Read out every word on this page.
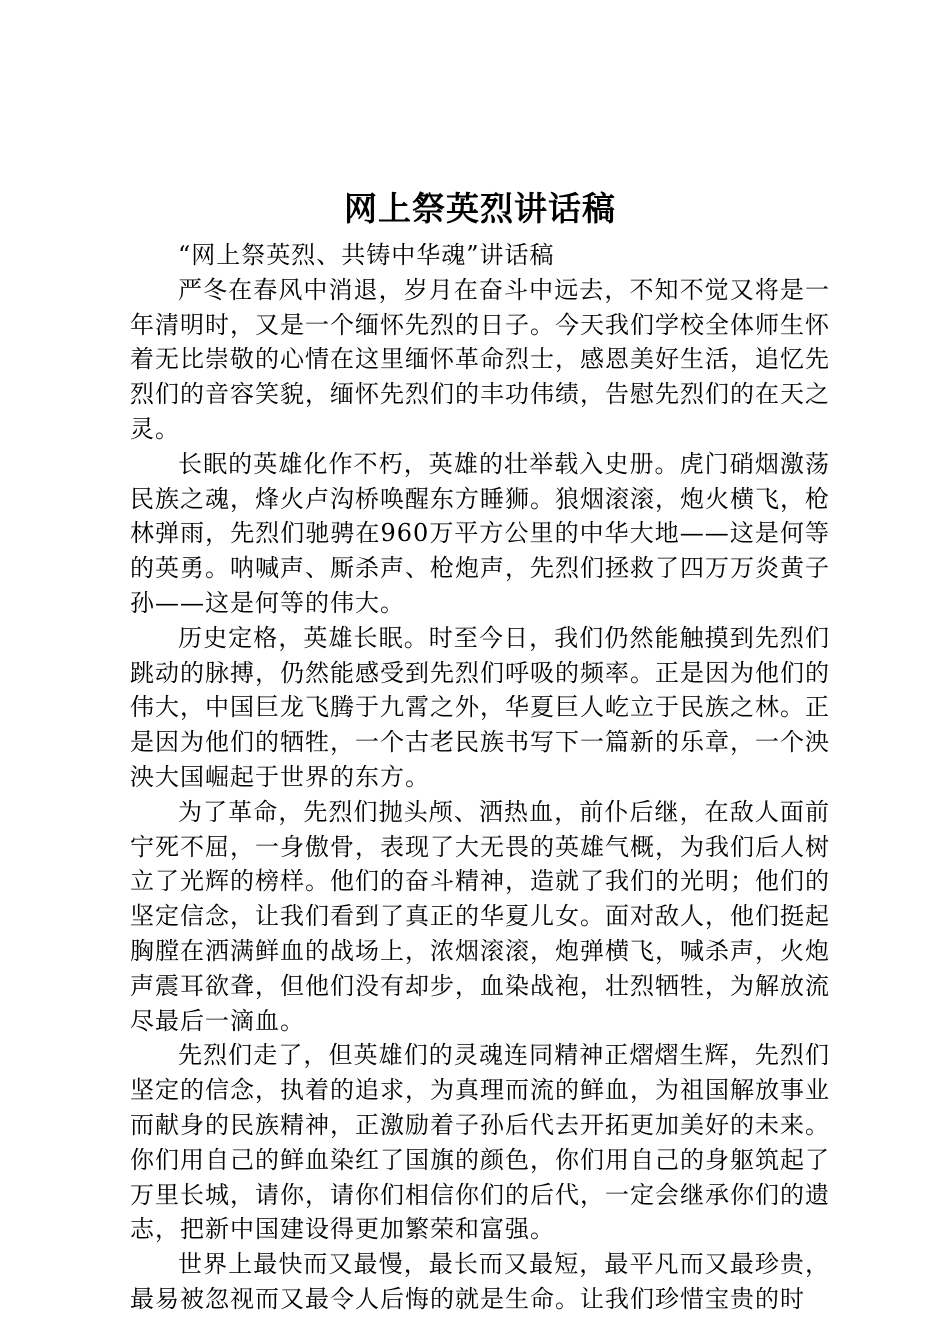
网上祭英烈讲话稿

“网上祭英烈、共铸中华魂”讲话稿

严冬在春风中消退，岁月在奋斗中远去，不知不觉又将是一年清明时，又是一个缅怀先烈的日子。今天我们学校全体师生怀着无比崇敬的心情在这里缅怀革命烈士，感恩美好生活，追忆先烈们的音容笑貌，缅怀先烈们的丰功伟绩，告慰先烈们的在天之灵。

长眠的英雄化作不朽，英雄的壮举载入史册。虎门硝烟激荡民族之魂，烽火卢沟桥唤醒东方睡狮。狼烟滚滚，炮火横飞，枪林弹雨，先烈们驰骋在960万平方公里的中华大地——这是何等的英勇。呐喊声、厮杀声、枪炮声，先烈们拯救了四万万炎黄子孙——这是何等的伟大。

历史定格，英雄长眠。时至今日，我们仍然能触摸到先烈们跳动的脉搏，仍然能感受到先烈们呼吸的频率。正是因为他们的伟大，中国巨龙飞腾于九霄之外，华夏巨人屹立于民族之林。正是因为他们的牺牲，一个古老民族书写下一篇新的乐章，一个泱泱大国崛起于世界的东方。

为了革命，先烈们抛头颅、洒热血，前仆后继，在敌人面前宁死不屈，一身傲骨，表现了大无畏的英雄气概，为我们后人树立了光辉的榜样。他们的奋斗精神，造就了我们的光明；他们的坚定信念，让我们看到了真正的华夏儿女。面对敌人，他们挺起胸膛在洒满鲜血的战场上，浓烟滚滚，炮弹横飞，喊杀声，火炮声震耳欲聋，但他们没有却步，血染战袍，壮烈牺牲，为解放流尽最后一滴血。

先烈们走了，但英雄们的灵魂连同精神正熠熠生辉，先烈们坚定的信念，执着的追求，为真理而流的鲜血，为祖国解放事业而献身的民族精神，正激励着子孙后代去开拓更加美好的未来。你们用自己的鲜血染红了国旗的颜色，你们用自己的身躯筑起了万里长城，请你，请你们相信你们的后代，一定会继承你们的遗志，把新中国建设得更加繁荣和富强。

世界上最快而又最慢，最长而又最短，最平凡而又最珍贵，最易被忽视而又最令人后悔的就是生命。让我们珍惜宝贵的时
